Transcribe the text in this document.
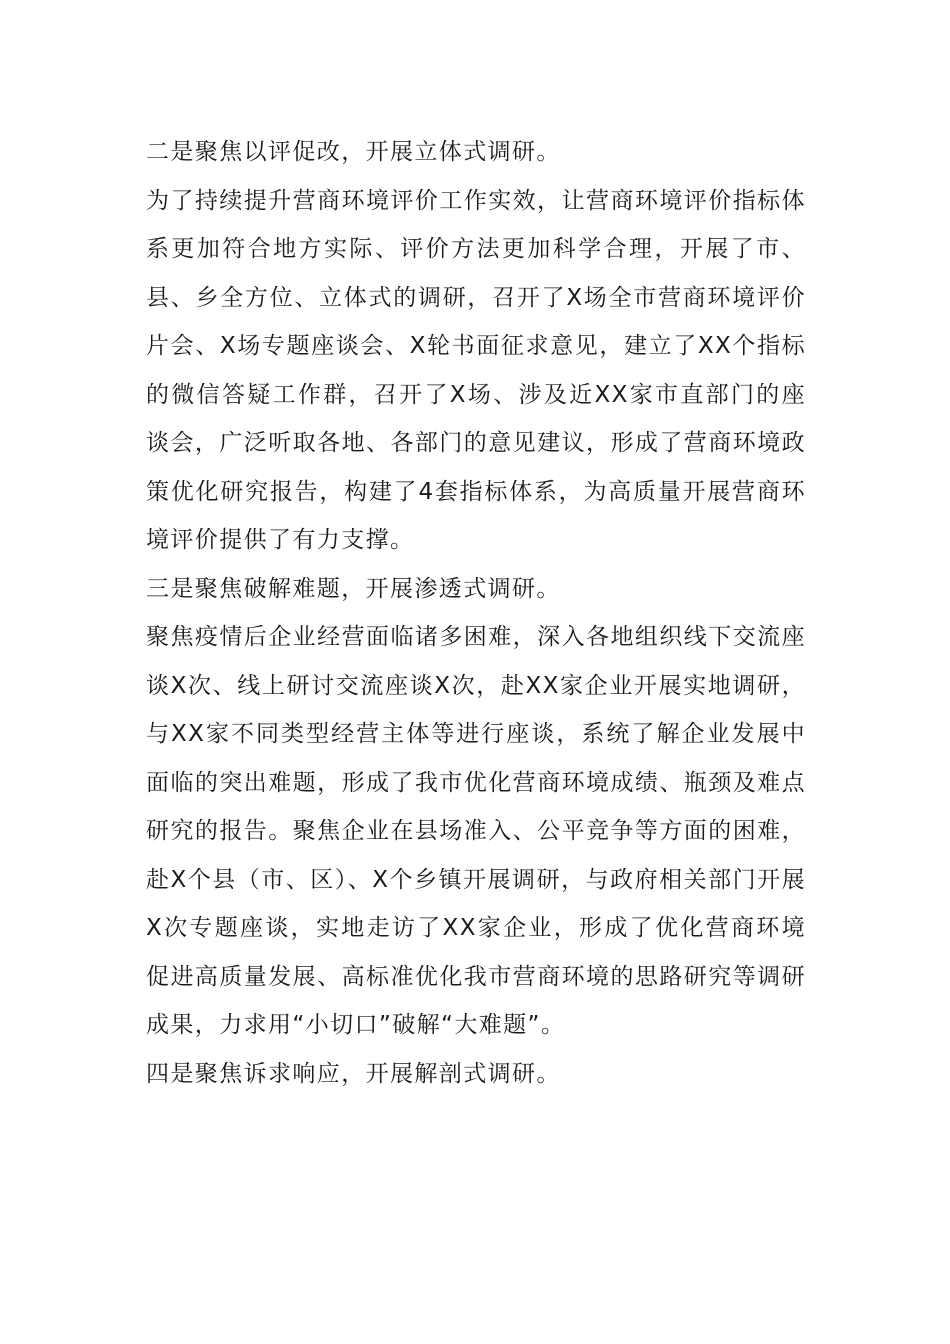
二是聚焦以评促改，开展立体式调研。

为了持续提升营商环境评价工作实效，让营商环境评价指标体系更加符合地方实际、评价方法更加科学合理，开展了市、县、乡全方位、立体式的调研，召开了X场全市营商环境评价片会、X场专题座谈会、X轮书面征求意见，建立了XX个指标的微信答疑工作群，召开了X场、涉及近XX家市直部门的座谈会，广泛听取各地、各部门的意见建议，形成了营商环境政策优化研究报告，构建了4套指标体系，为高质量开展营商环境评价提供了有力支撑。

三是聚焦破解难题，开展渗透式调研。

聚焦疫情后企业经营面临诸多困难，深入各地组织线下交流座谈X次、线上研讨交流座谈X次，赴XX家企业开展实地调研，与XX家不同类型经营主体等进行座谈，系统了解企业发展中面临的突出难题，形成了我市优化营商环境成绩、瓶颈及难点研究的报告。聚焦企业在县场准入、公平竞争等方面的困难，赴X个县（市、区）、X个乡镇开展调研，与政府相关部门开展X次专题座谈，实地走访了XX家企业，形成了优化营商环境促进高质量发展、高标准优化我市营商环境的思路研究等调研成果，力求用“小切口”破解“大难题”。

四是聚焦诉求响应，开展解剖式调研。
